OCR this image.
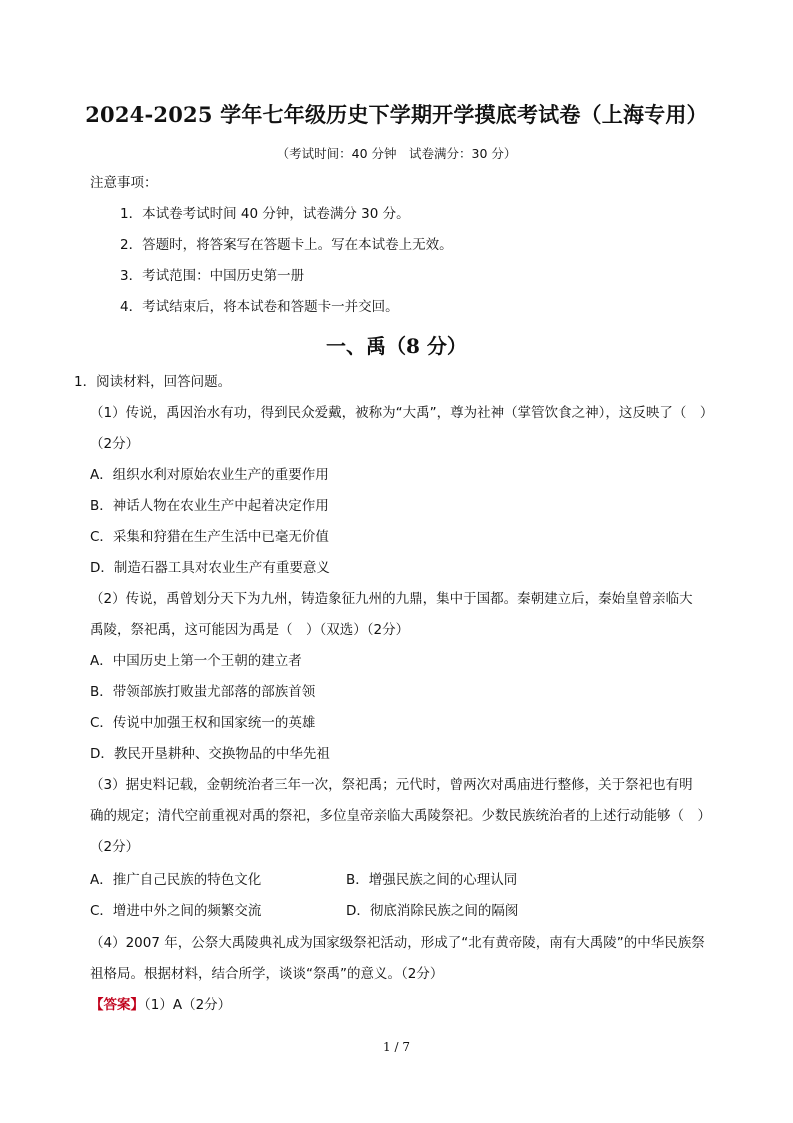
2024-2025 学年七年级历史下学期开学摸底考试卷（上海专用）
（考试时间：40 分钟　试卷满分：30 分）
注意事项：
1．本试卷考试时间 40 分钟，试卷满分 30 分。
2．答题时，将答案写在答题卡上。写在本试卷上无效。
3．考试范围：中国历史第一册
4．考试结束后，将本试卷和答题卡一并交回。
一、禹（8 分）
1．阅读材料，回答问题。
（1）传说，禹因治水有功，得到民众爱戴，被称为“大禹”，尊为社神（掌管饮食之神），这反映了（　）
（2分）
A．组织水利对原始农业生产的重要作用
B．神话人物在农业生产中起着决定作用
C．采集和狩猎在生产生活中已毫无价值
D．制造石器工具对农业生产有重要意义
（2）传说，禹曾划分天下为九州，铸造象征九州的九鼎，集中于国都。秦朝建立后，秦始皇曾亲临大
禹陵，祭祀禹，这可能因为禹是（　）（双选）（2分）
A．中国历史上第一个王朝的建立者
B．带领部族打败蚩尤部落的部族首领
C．传说中加强王权和国家统一的英雄
D．教民开垦耕种、交换物品的中华先祖
（3）据史料记载，金朝统治者三年一次，祭祀禹；元代时，曾两次对禹庙进行整修，关于祭祀也有明
确的规定；清代空前重视对禹的祭祀，多位皇帝亲临大禹陵祭祀。少数民族统治者的上述行动能够（　）
（2分）
A．推广自己民族的特色文化	B．增强民族之间的心理认同
C．增进中外之间的频繁交流	D．彻底消除民族之间的隔阂
（4）2007 年，公祭大禹陵典礼成为国家级祭祀活动，形成了“北有黄帝陵，南有大禹陵”的中华民族祭
祖格局。根据材料，结合所学，谈谈“祭禹”的意义。（2分）
【答案】（1）A（2分）
1 / 7
